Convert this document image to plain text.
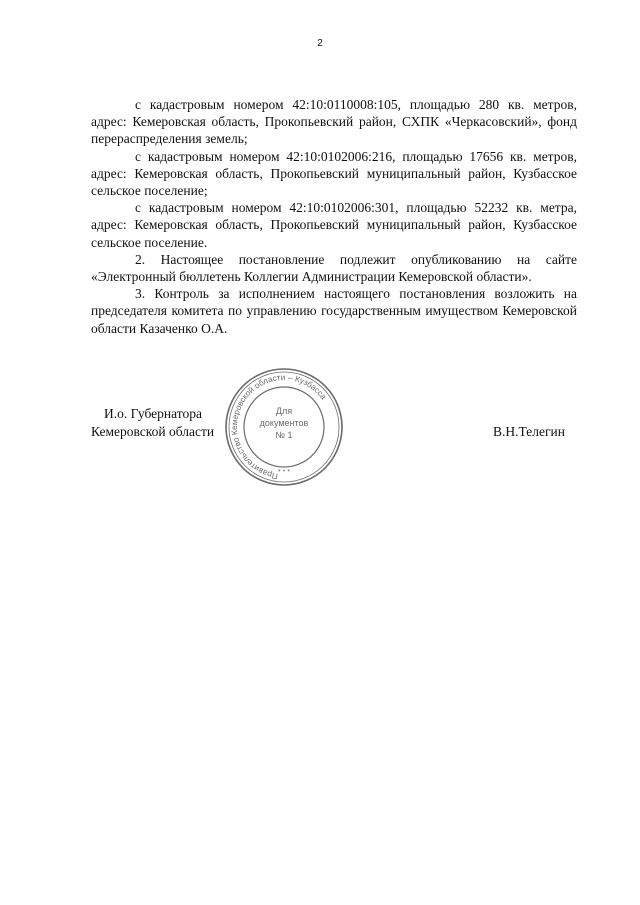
2

с кадастровым номером 42:10:0110008:105, площадью 280 кв. метров, адрес: Кемеровская область, Прокопьевский район, СХПК «Черкасовский», фонд перераспределения земель;

с кадастровым номером 42:10:0102006:216, площадью 17656 кв. метров, адрес: Кемеровская область, Прокопьевский муниципальный район, Кузбасское сельское поселение;

с кадастровым номером 42:10:0102006:301, площадью 52232 кв. метра, адрес: Кемеровская область, Прокопьевский муниципальный район, Кузбасское сельское поселение.

2. Настоящее постановление подлежит опубликованию на сайте «Электронный бюллетень Коллегии Администрации Кемеровской области».

3. Контроль за исполнением настоящего постановления возложить на председателя комитета по управлению государственным имуществом Кемеровской области Казаченко О.А.

И.о. Губернатора
Кемеровской области	В.Н.Телегин
Правительство Кемеровской области – Кузбасса
Для
документов
№ 1
* * *
